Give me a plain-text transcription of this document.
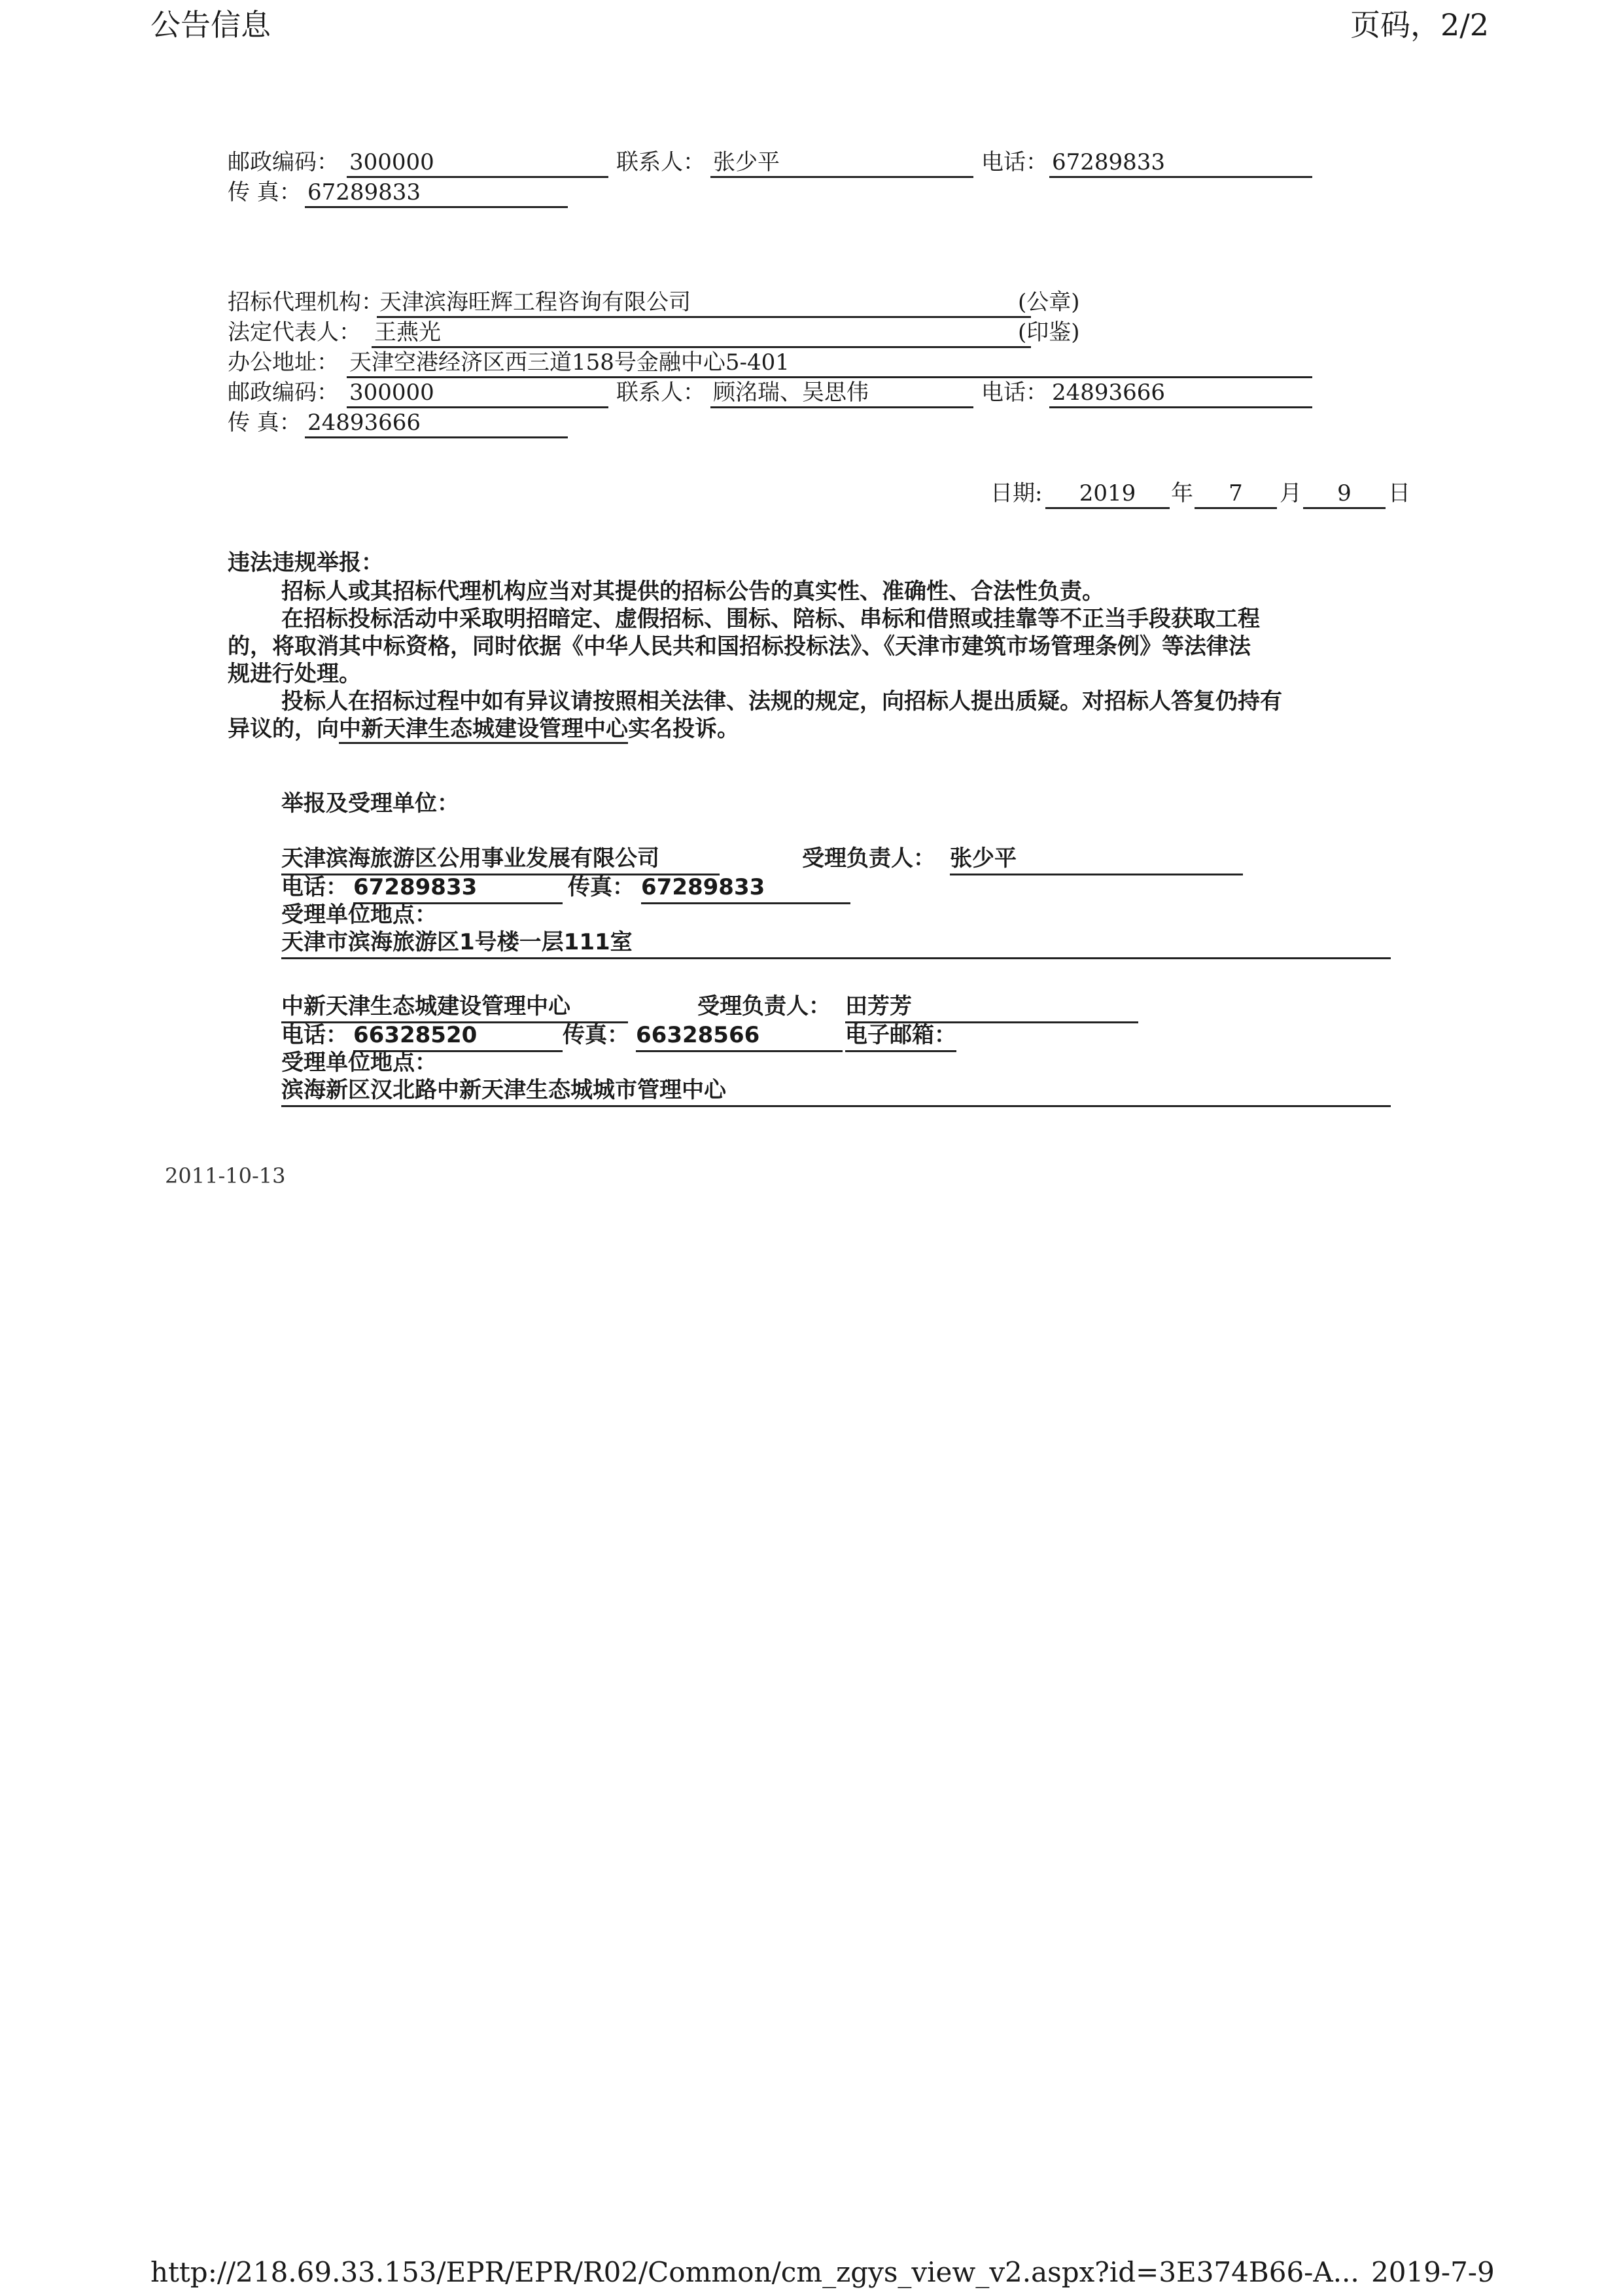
公告信息	页码，2/2
邮政编码： 300000	联系人： 张少平	电话： 67289833
传 真： 67289833
招标代理机构：
天津滨海旺辉工程咨询有限公司	(公章)
法定代表人： 王燕光	(印鉴)
办公地址： 天津空港经济区西三道158号金融中心5-401
邮政编码： 300000	联系人： 顾洺瑞、吴思伟	电话： 24893666
传 真： 24893666
日期:	2019	年	7	月	9	日
违法违规举报：
招标人或其招标代理机构应当对其提供的招标公告的真实性、准确性、合法性负责。
在招标投标活动中采取明招暗定、虚假招标、围标、陪标、串标和借照或挂靠等不正当手段获取工程
的，将取消其中标资格，同时依据《中华人民共和国招标投标法》、《天津市建筑市场管理条例》等法律法
规进行处理。
投标人在招标过程中如有异议请按照相关法律、法规的规定，向招标人提出质疑。对招标人答复仍持有
异议的，向中新天津生态城建设管理中心实名投诉。
举报及受理单位：
天津滨海旅游区公用事业发展有限公司	受理负责人： 张少平
电话： 67289833	传真： 67289833
受理单位地点：
天津市滨海旅游区1号楼一层111室
中新天津生态城建设管理中心	受理负责人： 田芳芳
电话： 66328520	传真： 66328566	电子邮箱：
受理单位地点：
滨海新区汉北路中新天津生态城城市管理中心
2011-10-13
http://218.69.33.153/EPR/EPR/R02/Common/cm_zgys_view_v2.aspx?id=3E374B66-A... 2019-7-9
